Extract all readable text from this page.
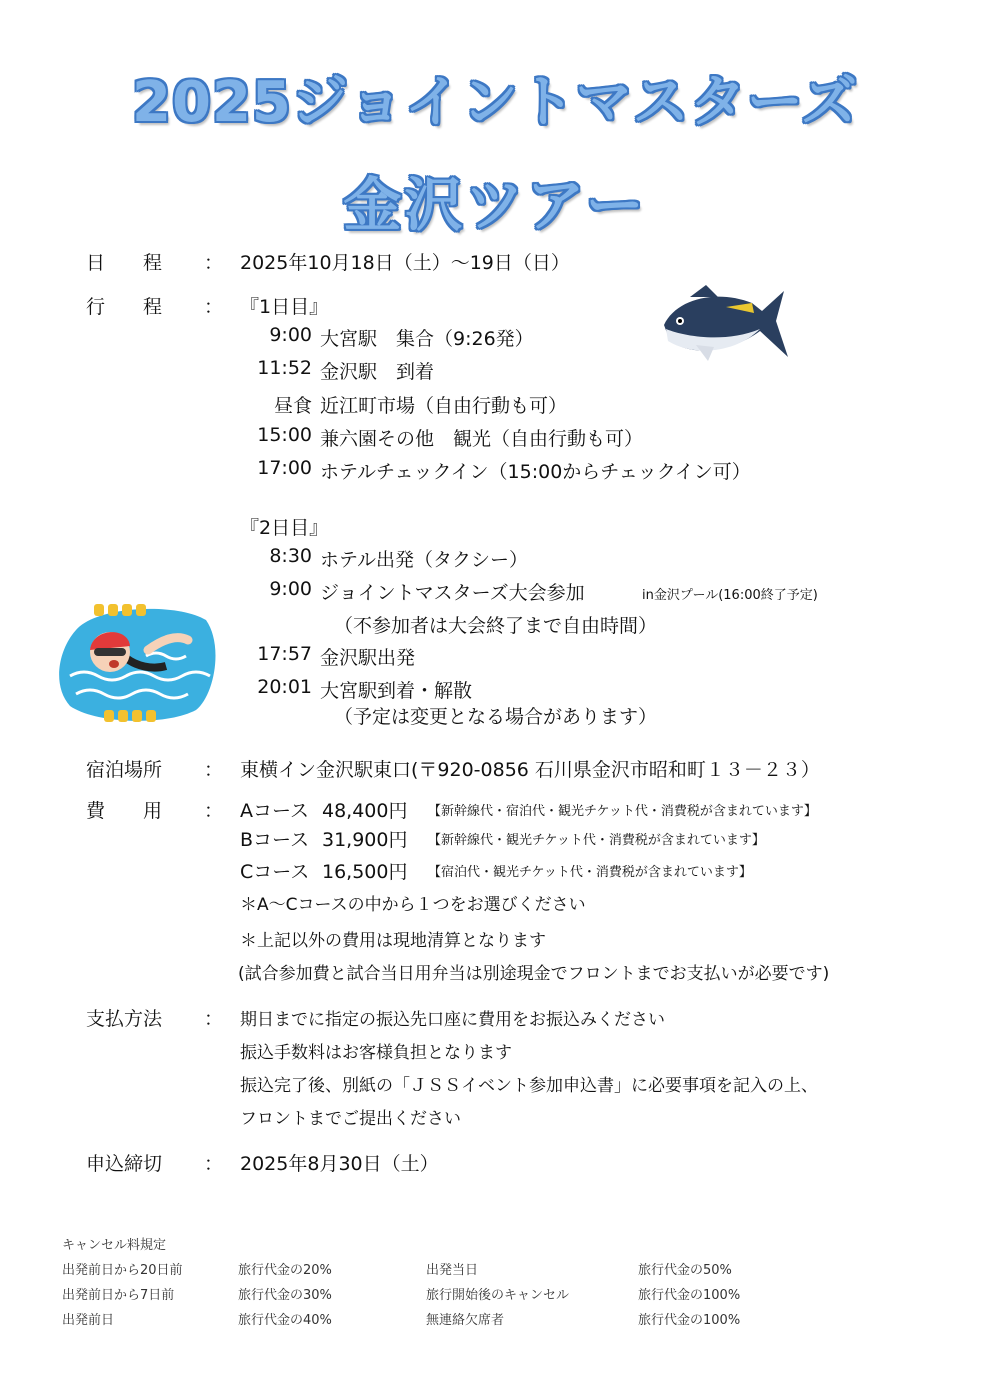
2025ジョイントマスターズ
金沢ツアー
日　　程 ： 2025年10月18日（土）～19日（日）
行　　程 ： 『1日目』
9:00 大宮駅　集合（9:26発）
11:52 金沢駅　到着
昼食 近江町市場（自由行動も可）
15:00 兼六園その他　観光（自由行動も可）
17:00 ホテルチェックイン（15:00からチェックイン可）
『2日目』
8:30 ホテル出発（タクシー）
9:00 ジョイントマスターズ大会参加	in金沢プール(16:00終了予定)
（不参加者は大会終了まで自由時間）
17:57 金沢駅出発
20:01 大宮駅到着・解散
（予定は変更となる場合があります）
宿泊場所 ： 東横イン金沢駅東口(〒920-0856 石川県金沢市昭和町１３－２３）
費　　用 ： Aコース 48,400円 【新幹線代・宿泊代・観光チケット代・消費税が含まれています】
Bコース 31,900円 【新幹線代・観光チケット代・消費税が含まれています】
Cコース 16,500円 【宿泊代・観光チケット代・消費税が含まれています】
＊A～Cコースの中から１つをお選びください
＊上記以外の費用は現地清算となります
(試合参加費と試合当日用弁当は別途現金でフロントまでお支払いが必要です)
支払方法 ： 期日までに指定の振込先口座に費用をお振込みください
振込手数料はお客様負担となります
振込完了後、別紙の「ＪＳＳイベント参加申込書」に必要事項を記入の上、
フロントまでご提出ください
申込締切 ： 2025年8月30日（土）
キャンセル料規定
出発前日から20日前	旅行代金の20%	出発当日	旅行代金の50%
出発前日から7日前	旅行代金の30%	旅行開始後のキャンセル	旅行代金の100%
出発前日	旅行代金の40%	無連絡欠席者	旅行代金の100%
